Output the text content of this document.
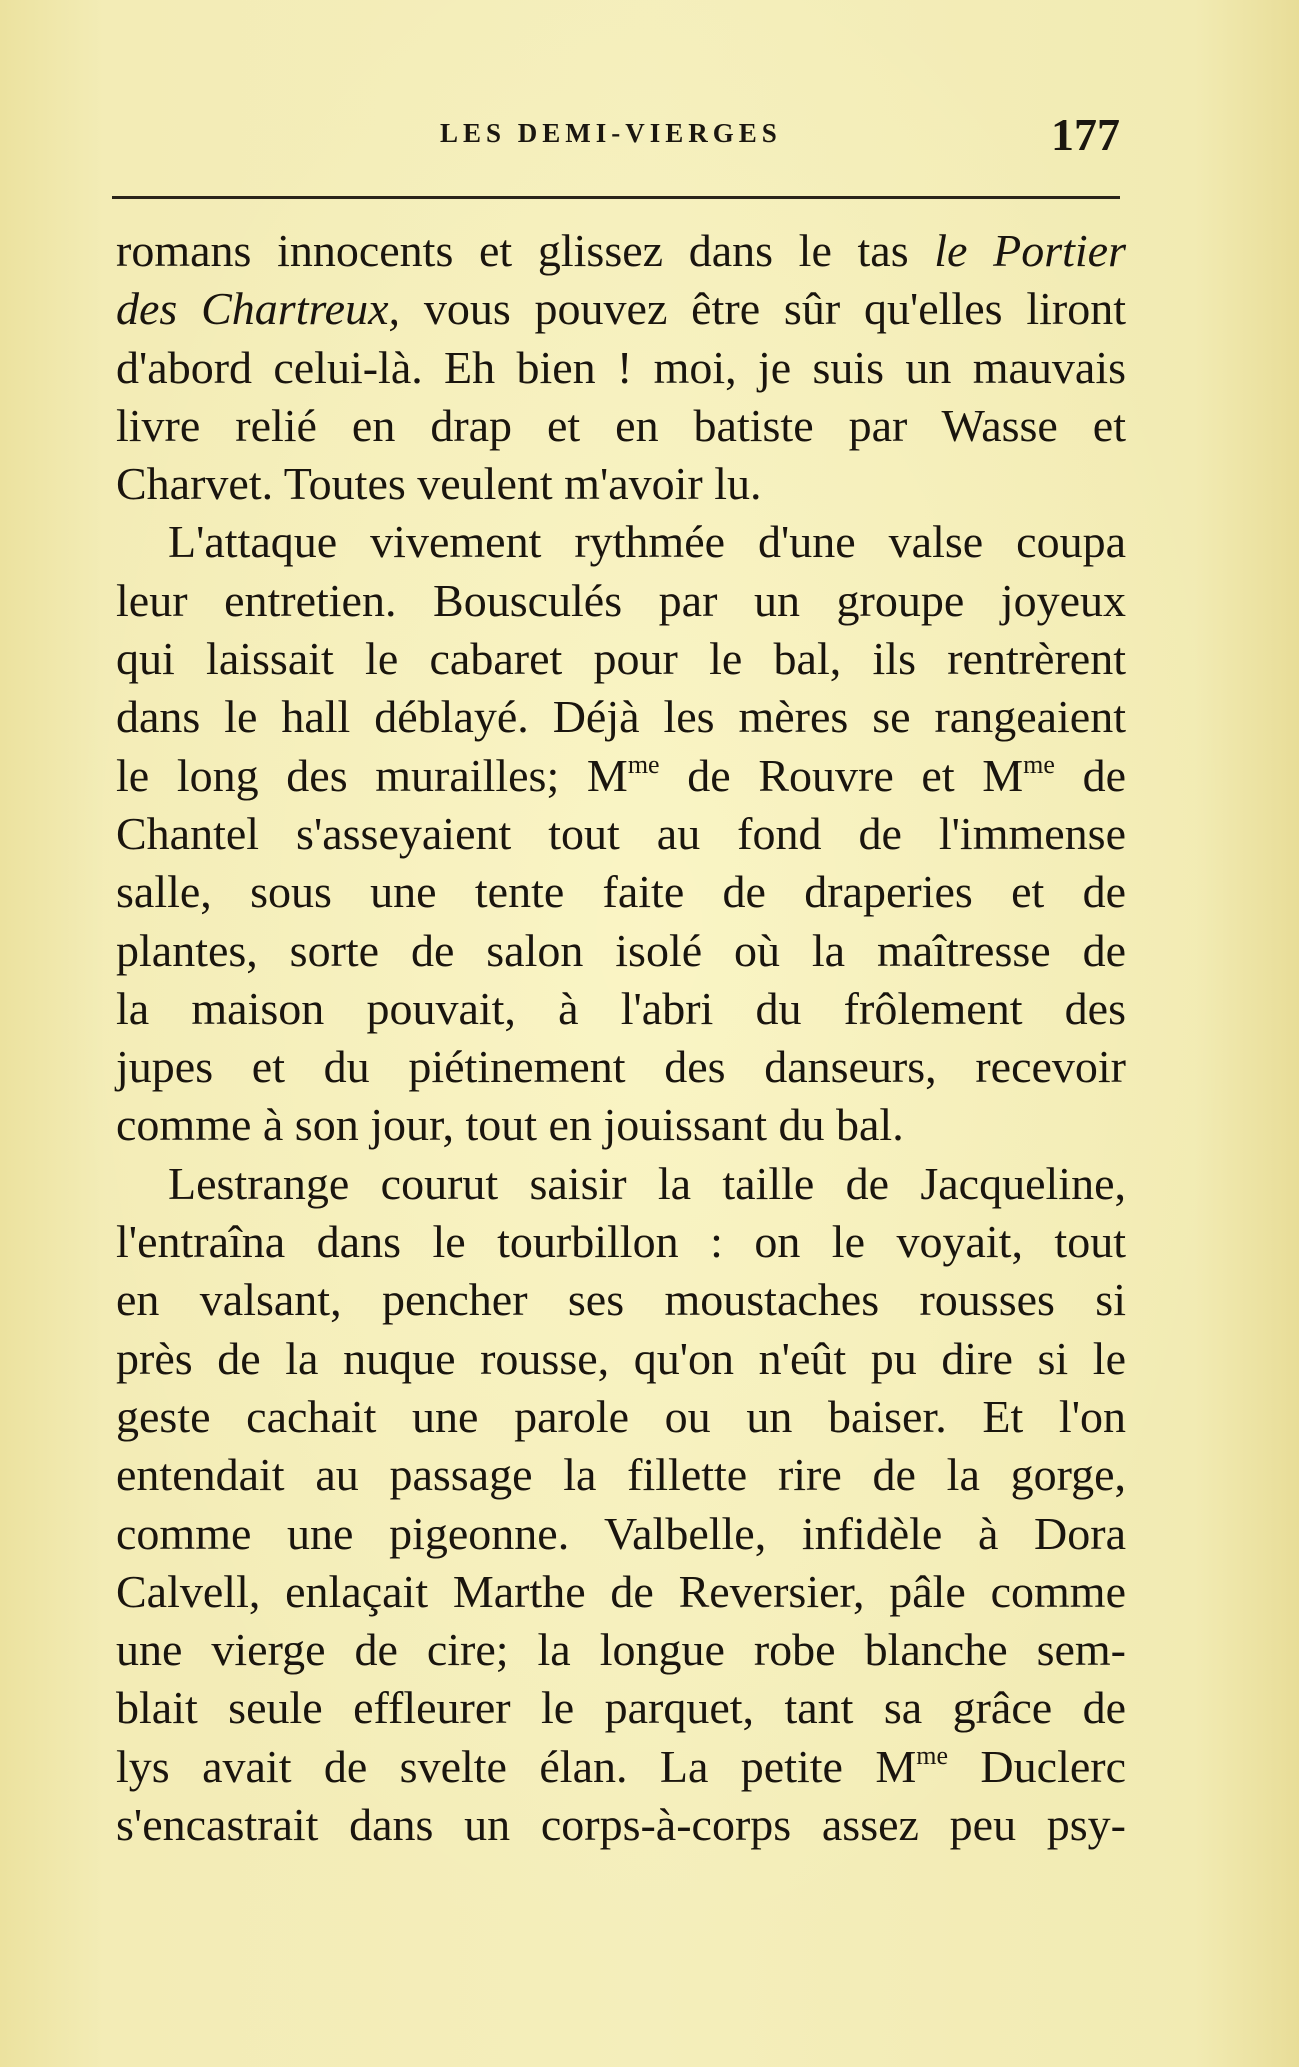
LES DEMI-VIERGES	177
romans innocents et glissez dans le tas le Portier
des Chartreux, vous pouvez être sûr qu'elles liront
d'abord celui-là. Eh bien ! moi, je suis un mauvais
livre relié en drap et en batiste par Wasse et
Charvet. Toutes veulent m'avoir lu.
L'attaque vivement rythmée d'une valse coupa
leur entretien. Bousculés par un groupe joyeux
qui laissait le cabaret pour le bal, ils rentrèrent
dans le hall déblayé. Déjà les mères se rangeaient
le long des murailles; $M^{me}$ de Rouvre et $M^{me}$ de
Chantel s'asseyaient tout au fond de l'immense
salle, sous une tente faite de draperies et de
plantes, sorte de salon isolé où la maîtresse de
la maison pouvait, à l'abri du frôlement des
jupes et du piétinement des danseurs, recevoir
comme à son jour, tout en jouissant du bal.
Lestrange courut saisir la taille de Jacqueline,
l'entraîna dans le tourbillon : on le voyait, tout
en valsant, pencher ses moustaches rousses si
près de la nuque rousse, qu'on n'eût pu dire si le
geste cachait une parole ou un baiser. Et l'on
entendait au passage la fillette rire de la gorge,
comme une pigeonne. Valbelle, infidèle à Dora
Calvell, enlaçait Marthe de Reversier, pâle comme
une vierge de cire; la longue robe blanche sem-
blait seule effleurer le parquet, tant sa grâce de
lys avait de svelte élan. La petite $M^{me}$ Duclerc
s'encastrait dans un corps-à-corps assez peu psy-
